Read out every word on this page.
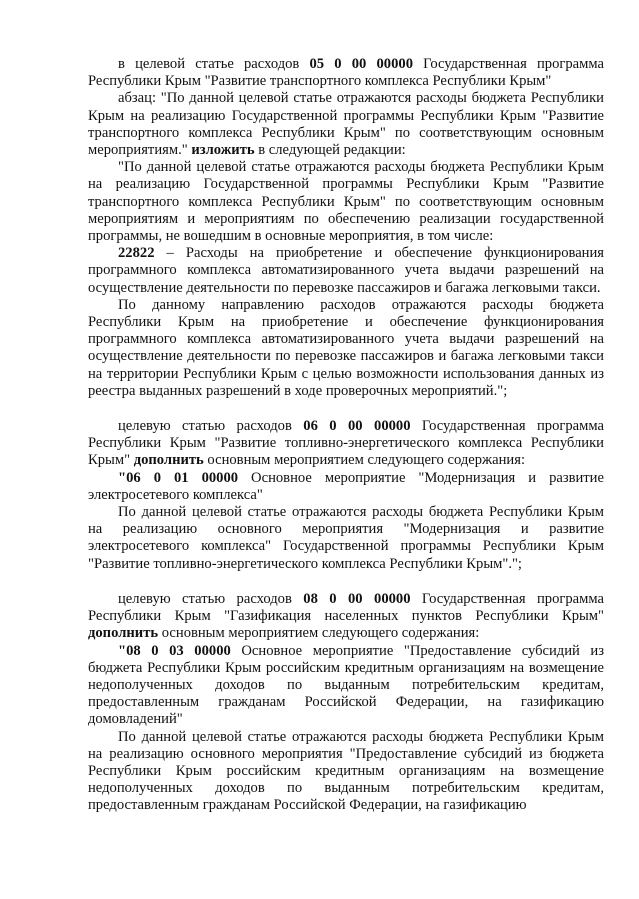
в целевой статье расходов 05 0 00 00000 Государственная программа Республики Крым "Развитие транспортного комплекса Республики Крым"

абзац: "По данной целевой статье отражаются расходы бюджета Республики Крым на реализацию Государственной программы Республики Крым "Развитие транспортного комплекса Республики Крым" по соответствующим основным мероприятиям." изложить в следующей редакции:

"По данной целевой статье отражаются расходы бюджета Республики Крым на реализацию Государственной программы Республики Крым "Развитие транспортного комплекса Республики Крым" по соответствующим основным мероприятиям и мероприятиям по обеспечению реализации государственной программы, не вошедшим в основные мероприятия, в том числе:

22822 – Расходы на приобретение и обеспечение функционирования программного комплекса автоматизированного учета выдачи разрешений на осуществление деятельности по перевозке пассажиров и багажа легковыми такси.

По данному направлению расходов отражаются расходы бюджета Республики Крым на приобретение и обеспечение функционирования программного комплекса автоматизированного учета выдачи разрешений на осуществление деятельности по перевозке пассажиров и багажа легковыми такси на территории Республики Крым с целью возможности использования данных из реестра выданных разрешений в ходе проверочных мероприятий.";

целевую статью расходов 06 0 00 00000 Государственная программа Республики Крым "Развитие топливно-энергетического комплекса Республики Крым" дополнить основным мероприятием следующего содержания:

"06 0 01 00000 Основное мероприятие "Модернизация и развитие электросетевого комплекса"

По данной целевой статье отражаются расходы бюджета Республики Крым на реализацию основного мероприятия "Модернизация и развитие электросетевого комплекса" Государственной программы Республики Крым "Развитие топливно-энергетического комплекса Республики Крым".";

целевую статью расходов 08 0 00 00000 Государственная программа Республики Крым "Газификация населенных пунктов Республики Крым" дополнить основным мероприятием следующего содержания:

"08 0 03 00000 Основное мероприятие "Предоставление субсидий из бюджета Республики Крым российским кредитным организациям на возмещение недополученных доходов по выданным потребительским кредитам, предоставленным гражданам Российской Федерации, на газификацию домовладений"

По данной целевой статье отражаются расходы бюджета Республики Крым на реализацию основного мероприятия "Предоставление субсидий из бюджета Республики Крым российским кредитным организациям на возмещение недополученных доходов по выданным потребительским кредитам, предоставленным гражданам Российской Федерации, на газификацию
